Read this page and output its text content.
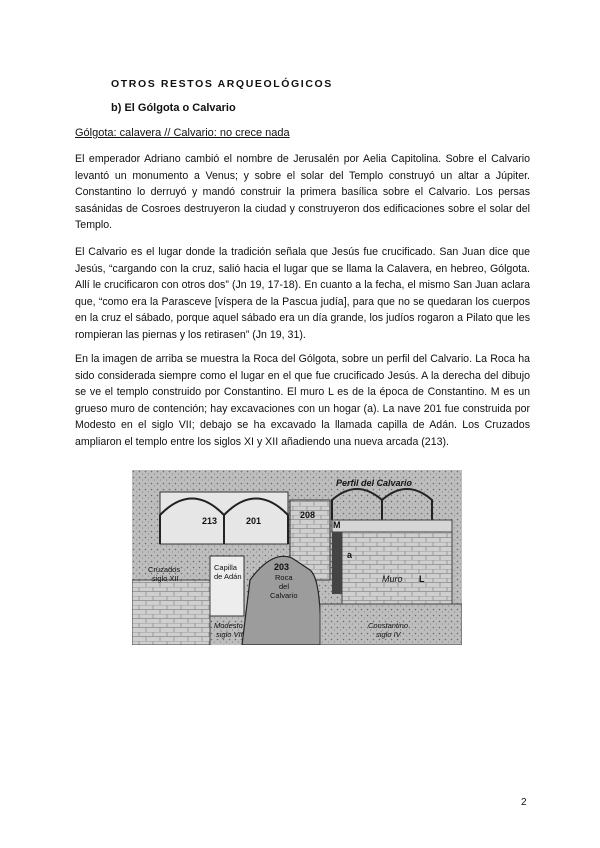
OTROS RESTOS ARQUEOLÓGICOS
b) El Gólgota o Calvario
Gólgota: calavera // Calvario: no crece nada

El emperador Adriano cambió el nombre de Jerusalén por Aelia Capitolina. Sobre el Calvario levantó un monumento a Venus; y sobre el solar del Templo construyó un altar a Júpiter. Constantino lo derruyó y mandó construir la primera basílica sobre el Calvario. Los persas sasánidas de Cosroes destruyeron la ciudad y construyeron dos edificaciones sobre el solar del Templo.

El Calvario es el lugar donde la tradición señala que Jesús fue crucificado. San Juan dice que Jesús, “cargando con la cruz, salió hacia el lugar que se llama la Calavera, en hebreo, Gólgota. Allí le crucificaron con otros dos” (Jn 19, 17-18). En cuanto a la fecha, el mismo San Juan aclara que, “como era la Parasceve [víspera de la Pascua judía], para que no se quedaran los cuerpos en la cruz el sábado, porque aquel sábado era un día grande, los judíos rogaron a Pilato que les rompieran las piernas y los retirasen” (Jn 19, 31).

En la imagen de arriba se muestra la Roca del Gólgota, sobre un perfil del Calvario. La Roca ha sido considerada siempre como el lugar en el que fue crucificado Jesús. A la derecha del dibujo se ve el templo construido por Constantino. El muro L es de la época de Constantino. M es un grueso muro de contención; hay excavaciones con un hogar (a). La nave 201 fue construida por Modesto en el siglo VII; debajo se ha excavado la llamada capilla de Adán. Los Cruzados ampliaron el templo entre los siglos XI y XII añadiendo una nueva arcada (213).

Perfil del Calvario
213	201
208
M
a
203
Muro L
Cruzados
siglo XII
Capilla
de Adán	Roca
del
Calvario
Modesto
siglo VII
Constantino
siglo IV
2
